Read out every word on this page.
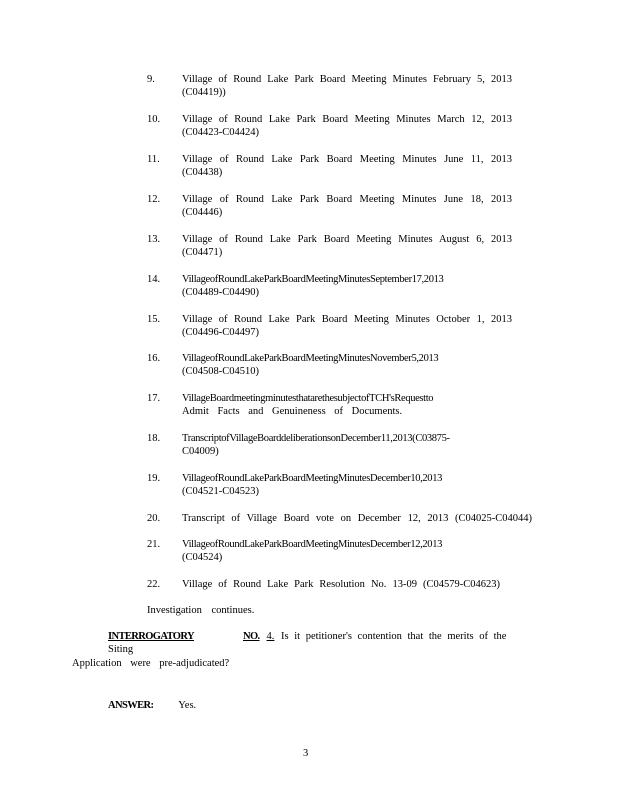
9.	Village of Round Lake Park Board Meeting Minutes February 5, 2013
(C04419))
10.	Village of Round Lake Park Board Meeting Minutes March 12, 2013
(C04423-C04424)
11.	Village of Round Lake Park Board Meeting Minutes June 11, 2013
(C04438)
12.	Village of Round Lake Park Board Meeting Minutes June 18, 2013
(C04446)
13.	Village of Round Lake Park Board Meeting Minutes August 6, 2013
(C04471)
14.	VillageofRoundLakeParkBoardMeetingMinutesSeptember17,2013
(C04489-C04490)
15.	Village of Round Lake Park Board Meeting Minutes October 1, 2013
(C04496-C04497)
16.	VillageofRoundLakeParkBoardMeetingMinutesNovember5,2013
(C04508-C04510)
17.	VillageBoardmeetingminutesthatarethesubjectofTCH'sRequestto
Admit Facts and Genuineness of Documents.
18.	TranscriptofVillageBoarddeliberationsonDecember11,2013(C03875-
C04009)
19.	VillageofRoundLakeParkBoardMeetingMinutesDecember10,2013
(C04521-C04523)
20.	Transcript of Village Board vote on December 12, 2013 (C04025-C04044)
21.	VillageofRoundLakeParkBoardMeetingMinutesDecember12,2013
(C04524)
22.	Village of Round Lake Park Resolution No. 13-09 (C04579-C04623)
Investigation continues.
INTERROGATORY	NO. 4. Is it petitioner's contention that the merits of the Siting
Application were pre-adjudicated?
ANSWER: Yes.
3
